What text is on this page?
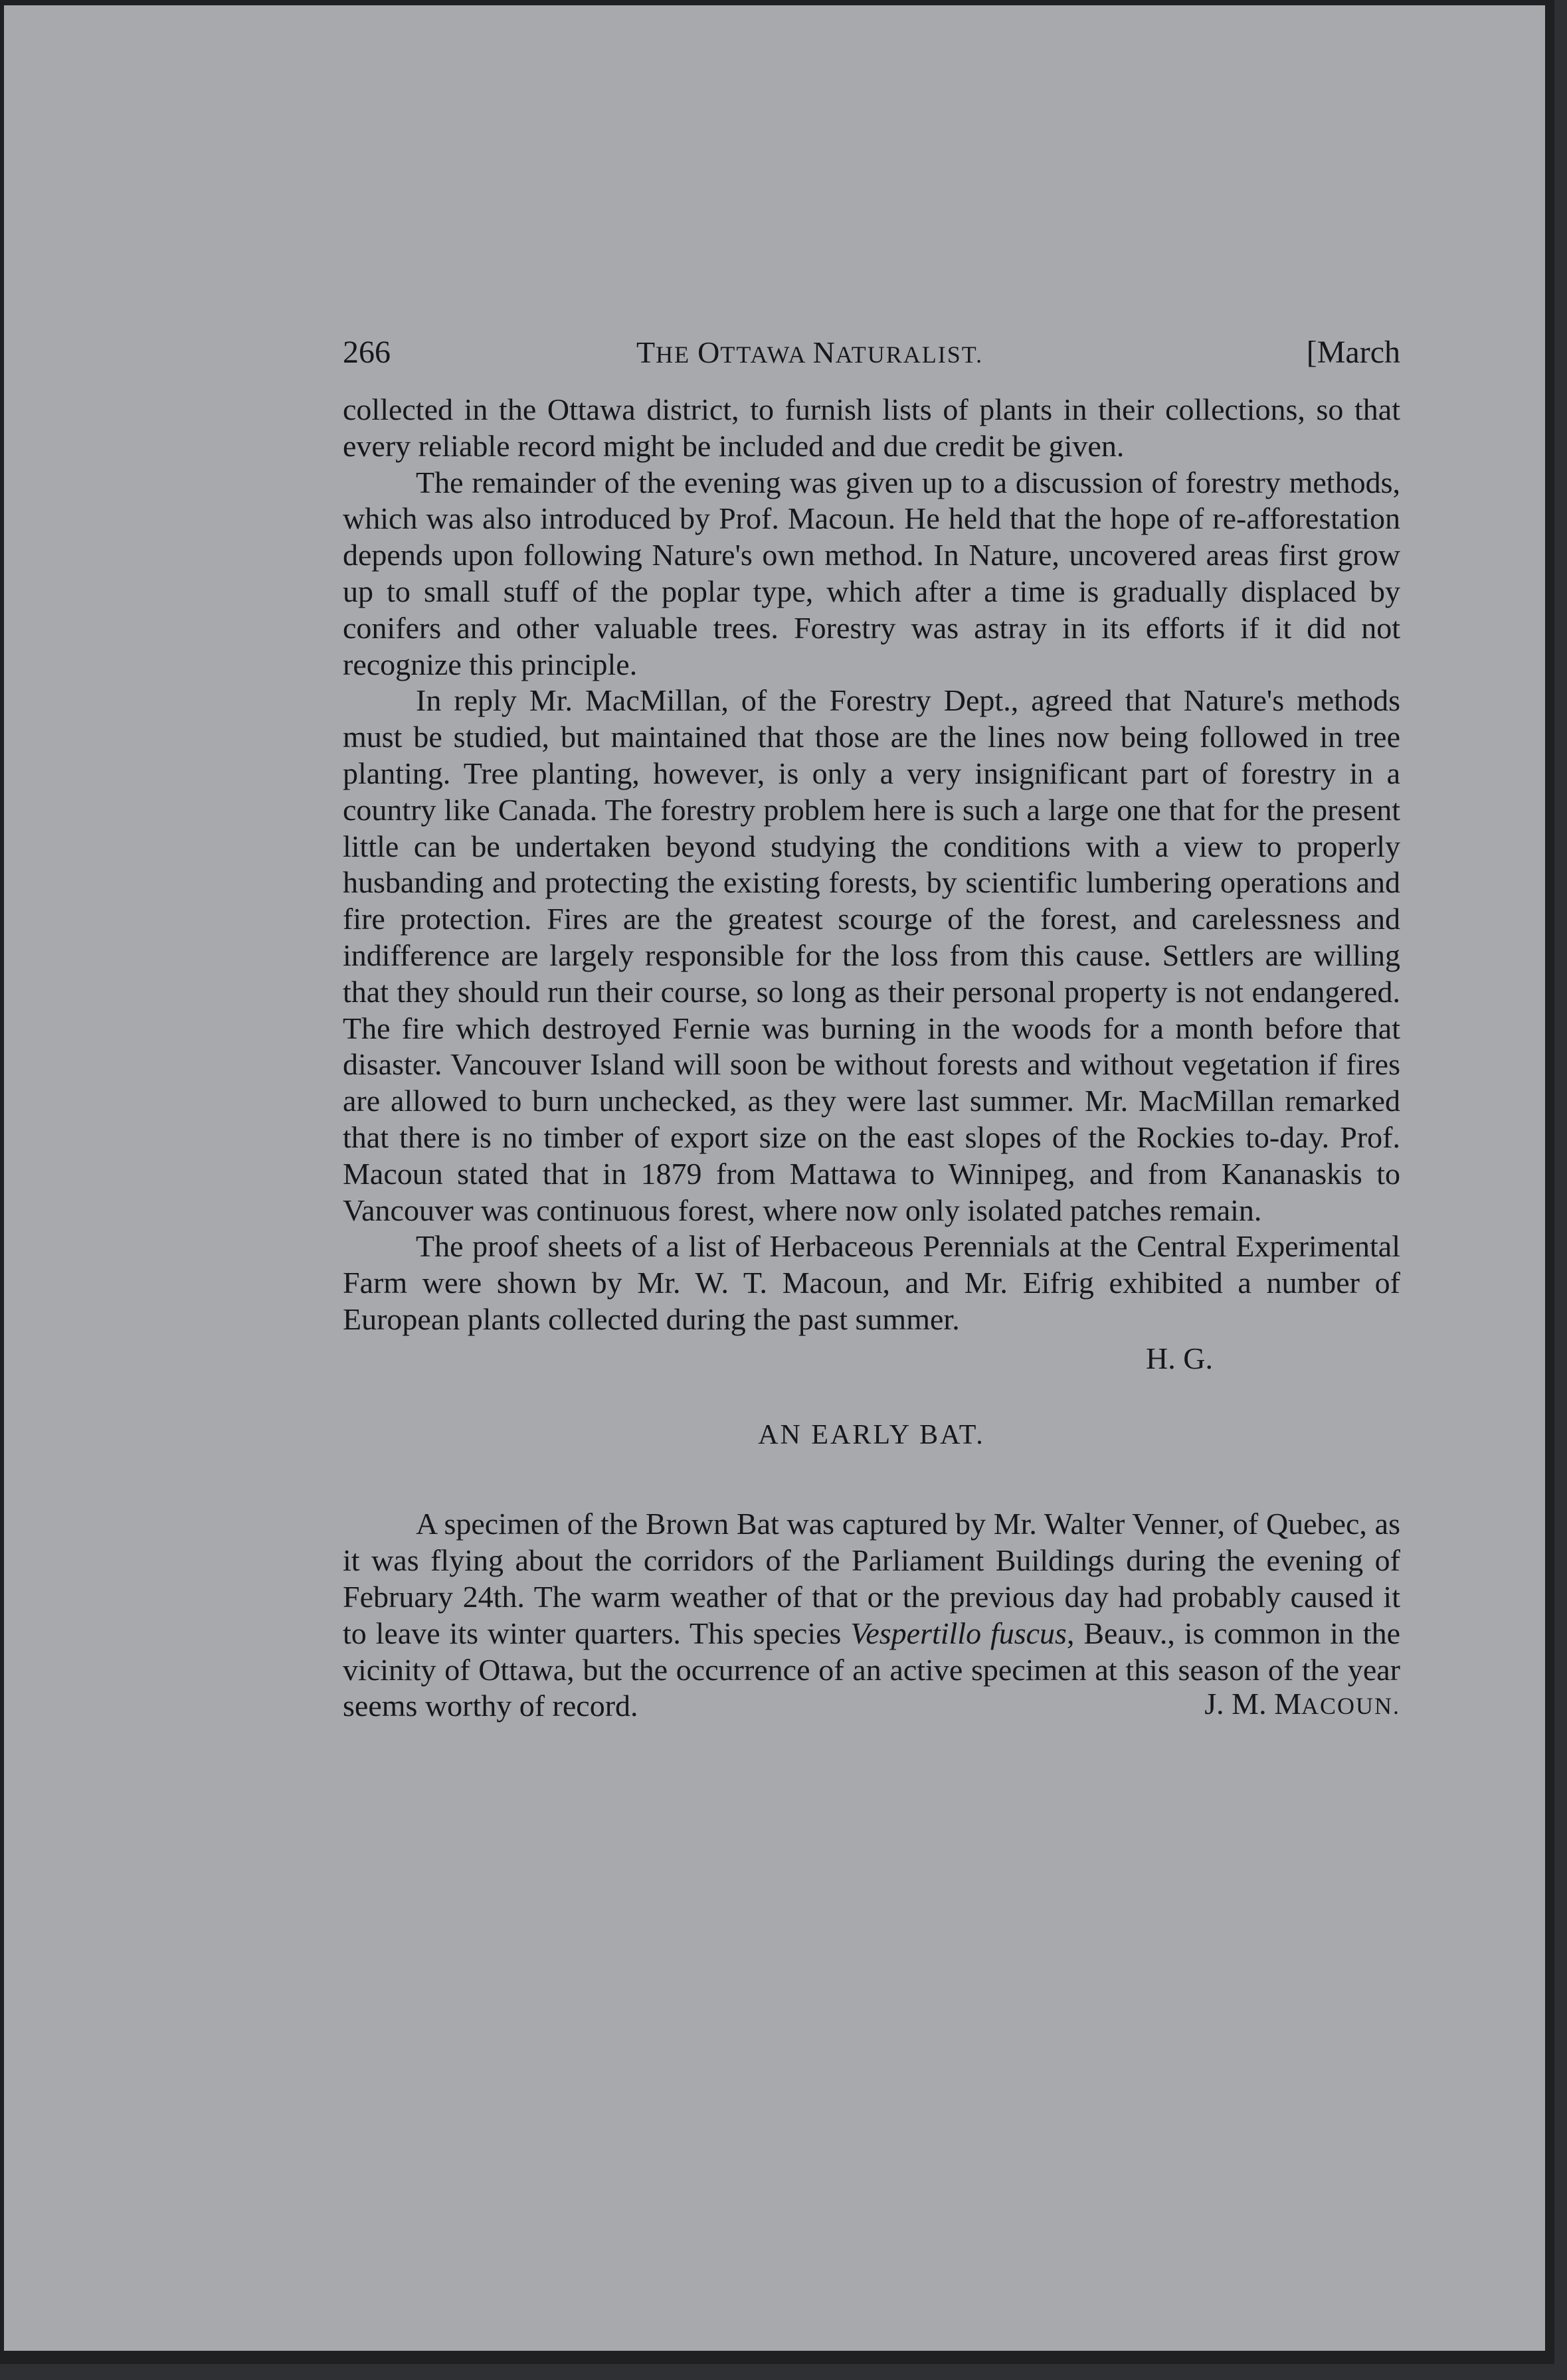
266	THE OTTAWA NATURALIST.	[March

collected in the Ottawa district, to furnish lists of plants in their collections, so that every reliable record might be included and due credit be given.

The remainder of the evening was given up to a discussion of forestry methods, which was also introduced by Prof. Macoun. He held that the hope of re-afforestation depends upon following Nature's own method. In Nature, uncovered areas first grow up to small stuff of the poplar type, which after a time is gradually displaced by conifers and other valuable trees. Forestry was astray in its efforts if it did not recognize this principle.

In reply Mr. MacMillan, of the Forestry Dept., agreed that Nature's methods must be studied, but maintained that those are the lines now being followed in tree planting. Tree planting, however, is only a very insignificant part of forestry in a country like Canada. The forestry problem here is such a large one that for the present little can be undertaken beyond studying the conditions with a view to properly husbanding and protecting the existing forests, by scientific lumbering operations and fire protection. Fires are the greatest scourge of the forest, and carelessness and indifference are largely responsible for the loss from this cause. Settlers are willing that they should run their course, so long as their personal property is not endangered. The fire which destroyed Fernie was burning in the woods for a month before that disaster. Vancouver Island will soon be without forests and without vegetation if fires are allowed to burn unchecked, as they were last summer. Mr. MacMillan remarked that there is no timber of export size on the east slopes of the Rockies to-day. Prof. Macoun stated that in 1879 from Mattawa to Winnipeg, and from Kananaskis to Vancouver was continuous forest, where now only isolated patches remain.

The proof sheets of a list of Herbaceous Perennials at the Central Experimental Farm were shown by Mr. W. T. Macoun, and Mr. Eifrig exhibited a number of European plants collected during the past summer.

H. G.
AN EARLY BAT.

A specimen of the Brown Bat was captured by Mr. Walter Venner, of Quebec, as it was flying about the corridors of the Parliament Buildings during the evening of February 24th. The warm weather of that or the previous day had probably caused it to leave its winter quarters. This species Vespertillo fuscus, Beauv., is common in the vicinity of Ottawa, but the occurrence of an active specimen at this season of the year seems worthy of record.	J. M. MACOUN.
